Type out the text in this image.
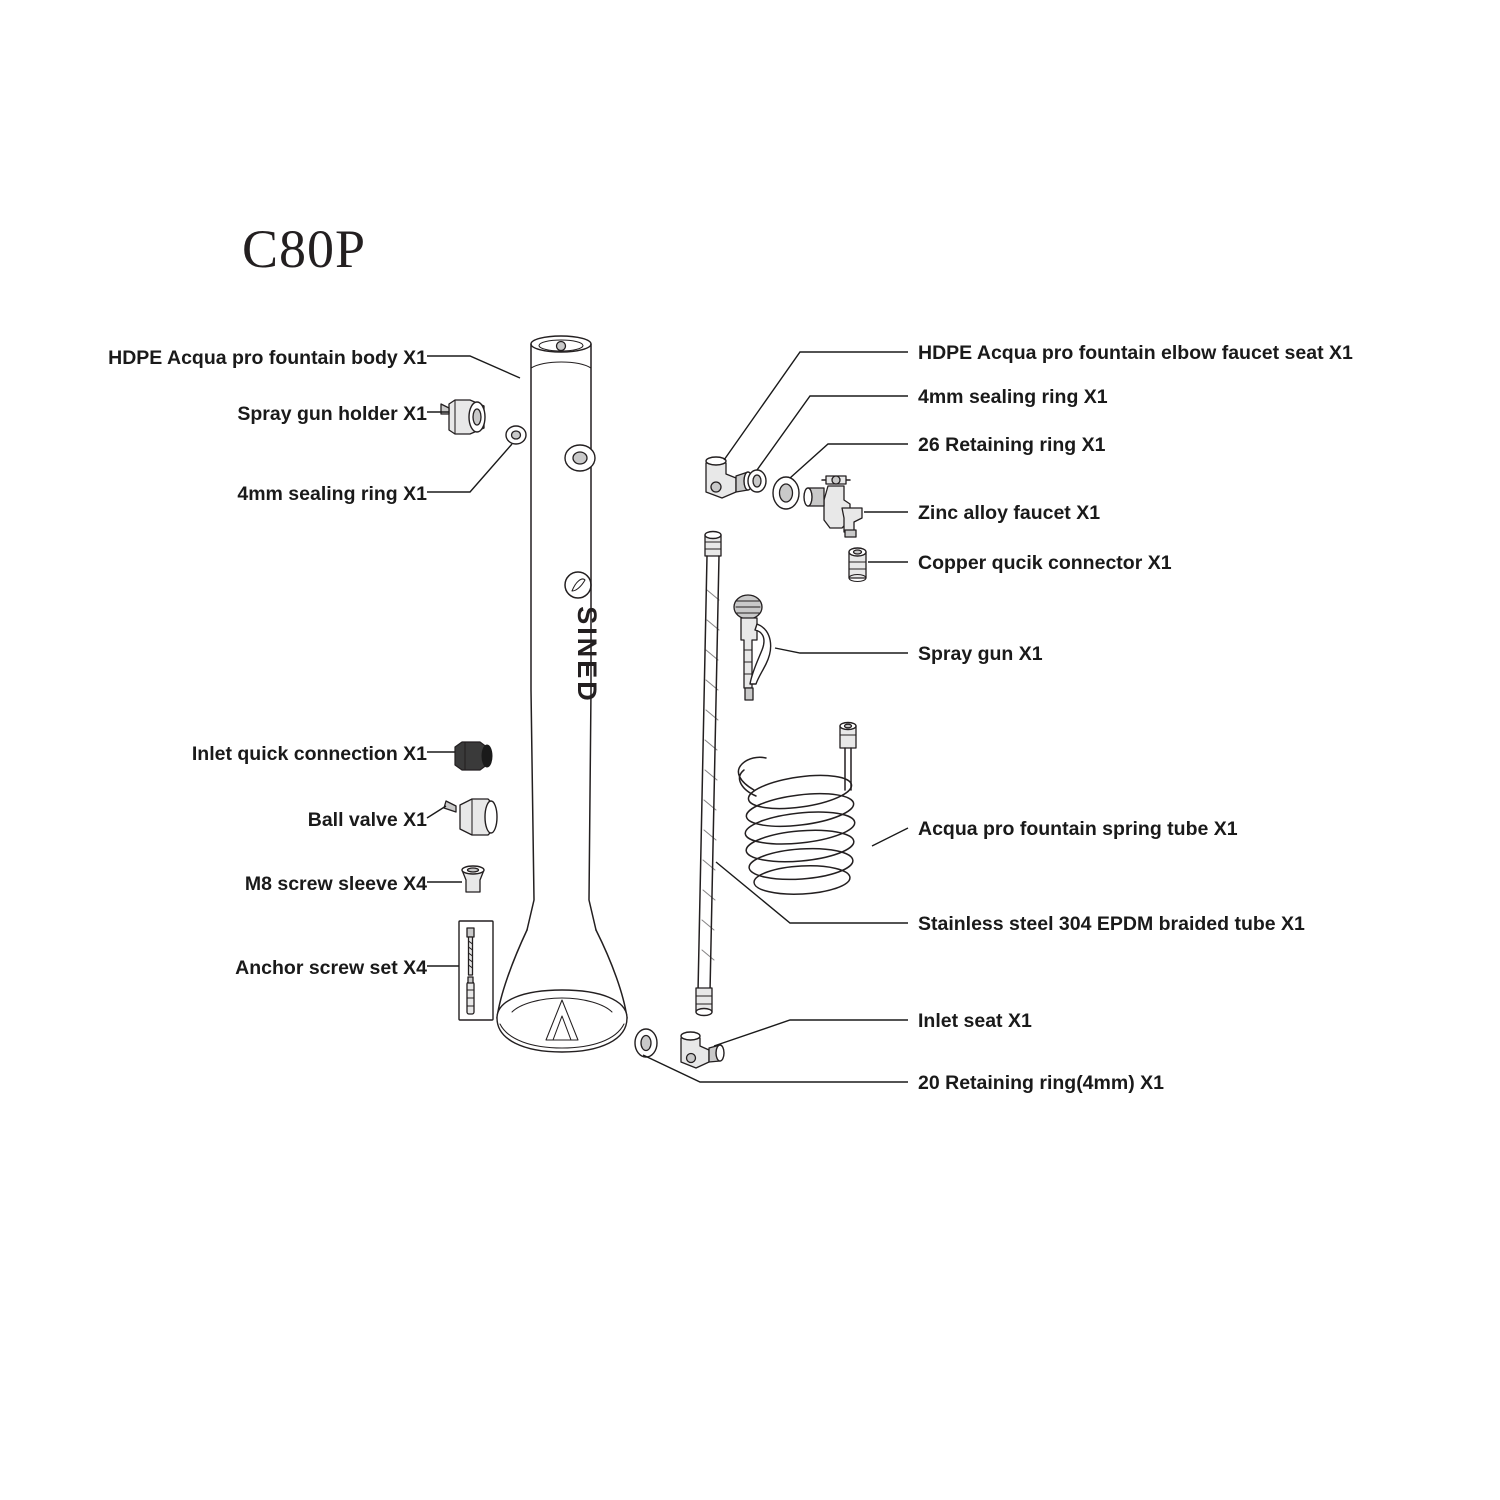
C80P
SINED
HDPE Acqua pro fountain body X1
Spray gun holder X1
4mm sealing ring X1
Inlet quick connection X1
Ball valve X1
M8 screw sleeve X4
Anchor screw set X4
HDPE Acqua pro fountain elbow faucet seat X1
4mm sealing ring X1
26 Retaining ring X1
Zinc alloy faucet X1
Copper qucik connector X1
Spray gun X1
Acqua pro fountain spring tube X1
Stainless steel 304 EPDM braided tube X1
Inlet seat X1
20 Retaining ring(4mm) X1
